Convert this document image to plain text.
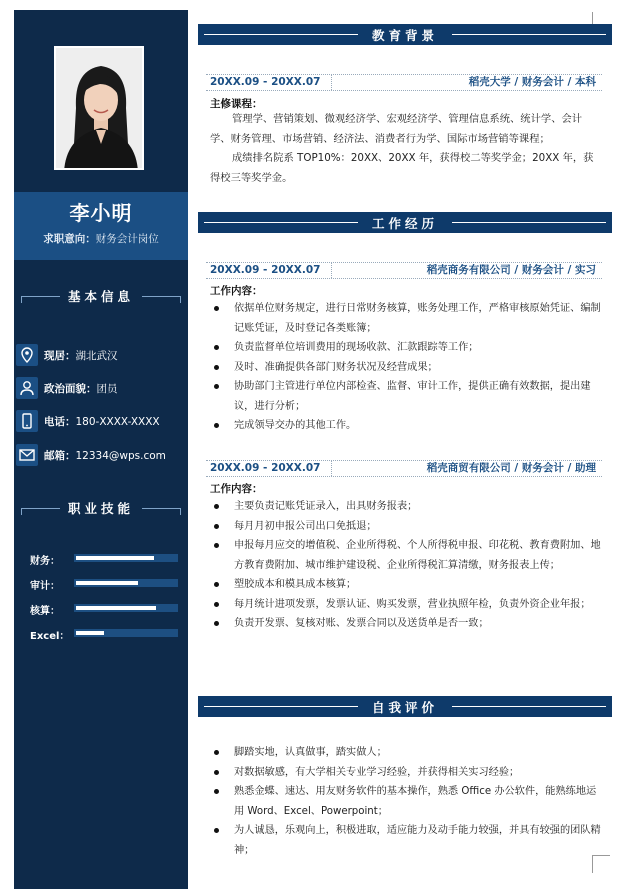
李小明
求职意向：财务会计岗位
基本信息
现居：湖北武汉
政治面貌：团员
电话：180-XXXX-XXXX
邮箱：12334@wps.com
职业技能
财务：
审计：
核算：
Excel：
教育背景
20XX.09 - 20XX.07	稻壳大学 / 财务会计 / 本科
主修课程：
管理学、营销策划、微观经济学、宏观经济学、管理信息系统、统计学、会计学、财务管理、市场营销、经济法、消费者行为学、国际市场营销等课程；
成绩排名院系 TOP10%：20XX、20XX 年，获得校二等奖学金；20XX 年，获得校三等奖学金。
工作经历
20XX.09 - 20XX.07	稻壳商务有限公司 / 财务会计 / 实习
工作内容：
依据单位财务规定，进行日常财务核算，账务处理工作，严格审核原始凭证、编制记账凭证，及时登记各类账簿；
负责监督单位培训费用的现场收款、汇款跟踪等工作；
及时、准确提供各部门财务状况及经营成果；
协助部门主管进行单位内部检查、监督、审计工作，提供正确有效数据，提出建议，进行分析；
完成领导交办的其他工作。
20XX.09 - 20XX.07	稻壳商贸有限公司 / 财务会计 / 助理
工作内容：
主要负责记账凭证录入，出具财务报表；
每月月初申报公司出口免抵退；
申报每月应交的增值税、企业所得税、个人所得税申报、印花税、教育费附加、地方教育费附加、城市维护建设税、企业所得税汇算清缴，财务报表上传；
塑胶成本和模具成本核算；
每月统计进项发票，发票认证、购买发票，营业执照年检，负责外资企业年报；
负责开发票、复核对账、发票合同以及送货单是否一致；
自我评价
脚踏实地，认真做事，踏实做人；
对数据敏感，有大学相关专业学习经验，并获得相关实习经验；
熟悉金蝶、速达、用友财务软件的基本操作，熟悉 Office 办公软件，能熟练地运用 Word、Excel、Powerpoint；
为人诚恳，乐观向上，积极进取，适应能力及动手能力较强，并具有较强的团队精神；
